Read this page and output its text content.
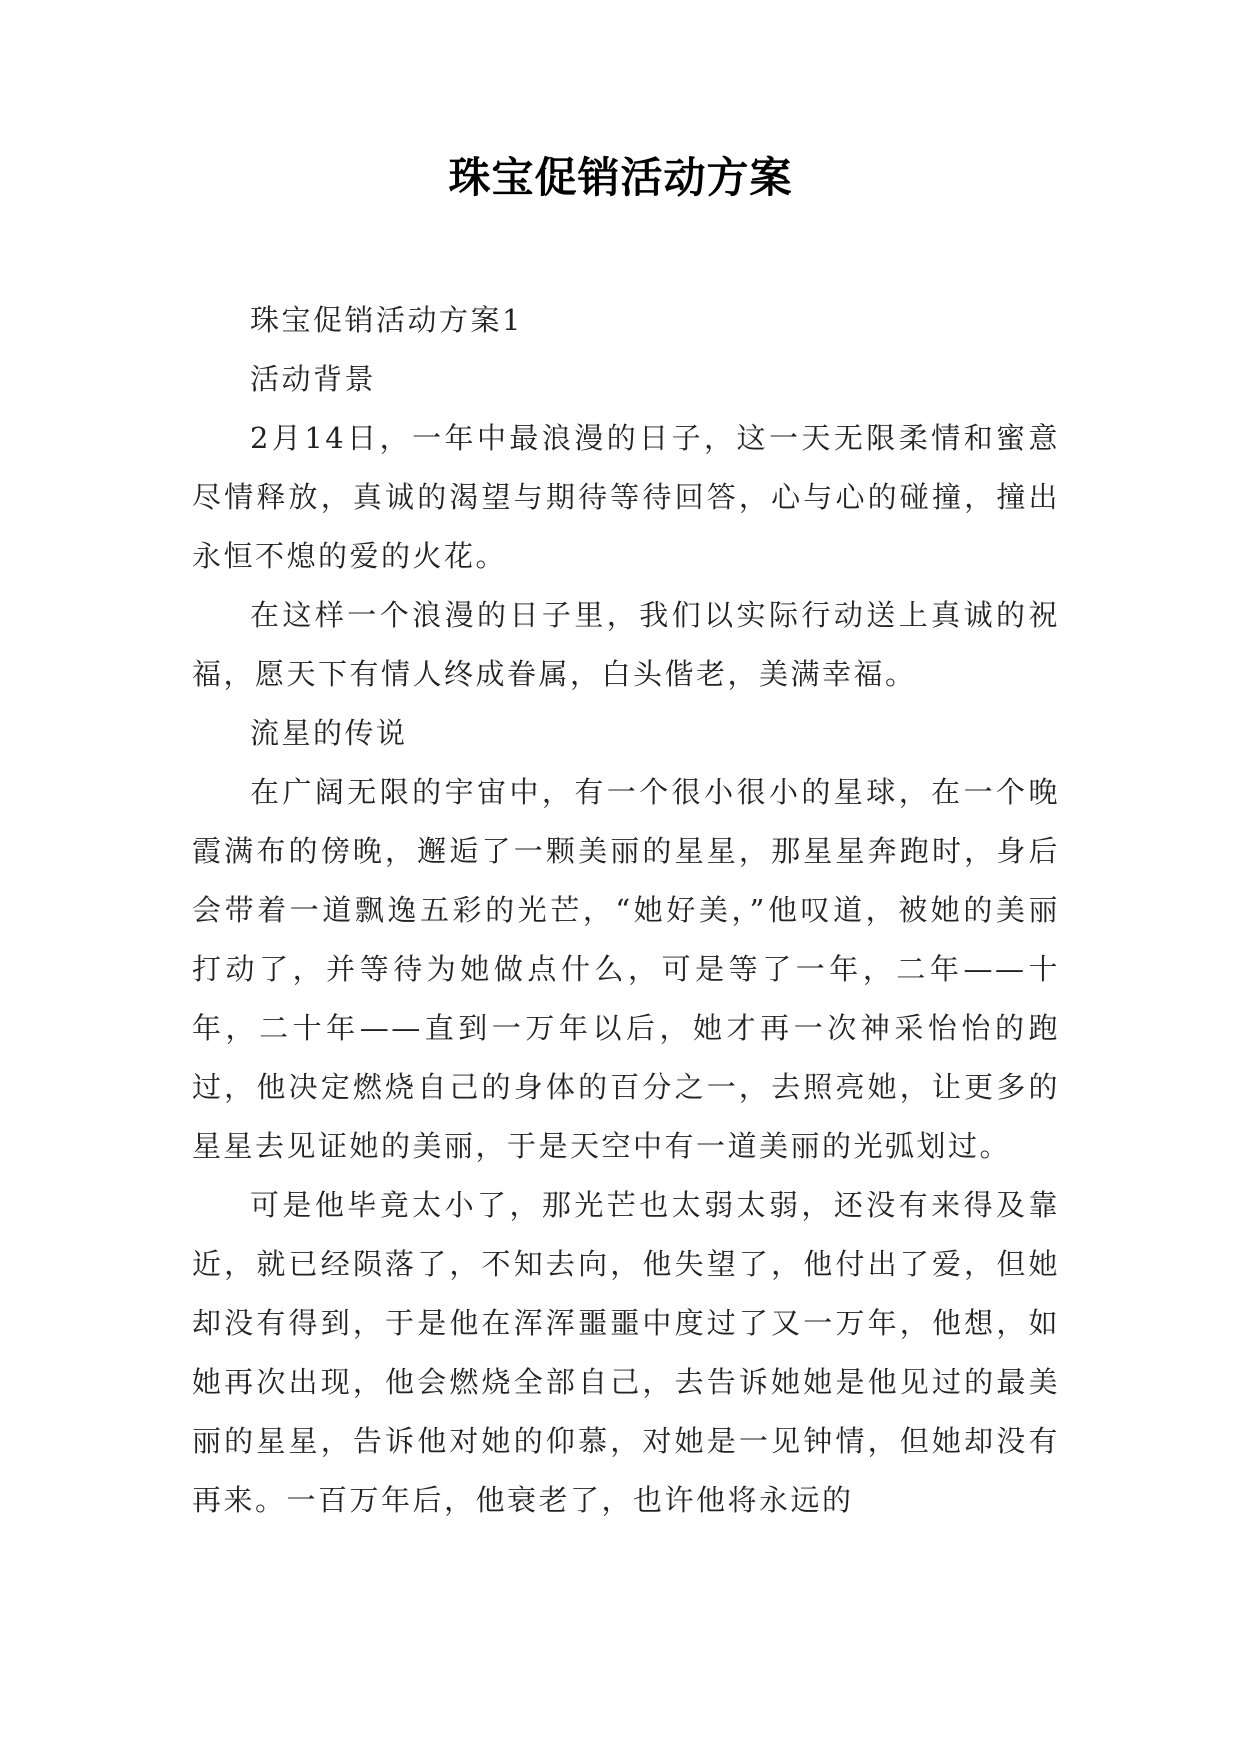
珠宝促销活动方案

珠宝促销活动方案1

活动背景

2月14日，一年中最浪漫的日子，这一天无限柔情和蜜意尽情释放，真诚的渴望与期待等待回答，心与心的碰撞，撞出永恒不熄的爱的火花。

在这样一个浪漫的日子里，我们以实际行动送上真诚的祝福，愿天下有情人终成眷属，白头偕老，美满幸福。

流星的传说

在广阔无限的宇宙中，有一个很小很小的星球，在一个晚霞满布的傍晚，邂逅了一颗美丽的星星，那星星奔跑时，身后会带着一道飘逸五彩的光芒，“她好美，”他叹道，被她的美丽打动了，并等待为她做点什么，可是等了一年，二年——十年，二十年——直到一万年以后，她才再一次神采怡怡的跑过，他决定燃烧自己的身体的百分之一，去照亮她，让更多的星星去见证她的美丽，于是天空中有一道美丽的光弧划过。

可是他毕竟太小了，那光芒也太弱太弱，还没有来得及靠近，就已经陨落了，不知去向，他失望了，他付出了爱，但她却没有得到，于是他在浑浑噩噩中度过了又一万年，他想，如她再次出现，他会燃烧全部自己，去告诉她她是他见过的最美丽的星星，告诉他对她的仰慕，对她是一见钟情，但她却没有再来。一百万年后，他衰老了，也许他将永远的
